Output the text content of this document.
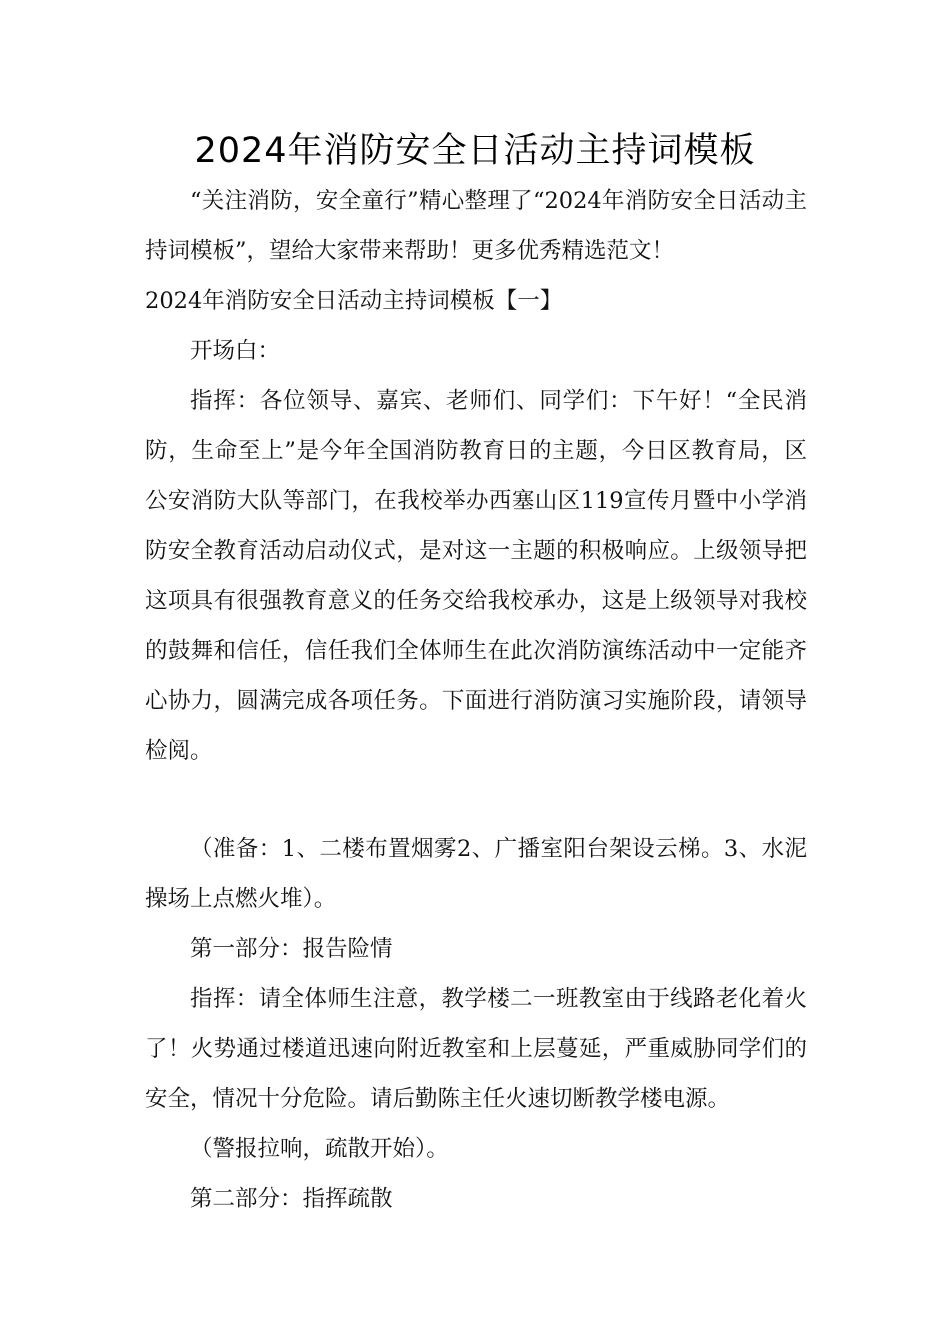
2024年消防安全日活动主持词模板
“关注消防，安全童行”精心整理了“2024年消防安全日活动主持词模板”，望给大家带来帮助！更多优秀精选范文！
2024年消防安全日活动主持词模板【一】
开场白：
指挥：各位领导、嘉宾、老师们、同学们：下午好！“全民消防，生命至上”是今年全国消防教育日的主题，今日区教育局，区公安消防大队等部门，在我校举办西塞山区119宣传月暨中小学消防安全教育活动启动仪式，是对这一主题的积极响应。上级领导把这项具有很强教育意义的任务交给我校承办，这是上级领导对我校的鼓舞和信任，信任我们全体师生在此次消防演练活动中一定能齐心协力，圆满完成各项任务。下面进行消防演习实施阶段，请领导检阅。
（准备：1、二楼布置烟雾2、广播室阳台架设云梯。3、水泥操场上点燃火堆）。
第一部分：报告险情
指挥：请全体师生注意，教学楼二一班教室由于线路老化着火了！火势通过楼道迅速向附近教室和上层蔓延，严重威胁同学们的安全，情况十分危险。请后勤陈主任火速切断教学楼电源。
（警报拉响，疏散开始）。
第二部分：指挥疏散
